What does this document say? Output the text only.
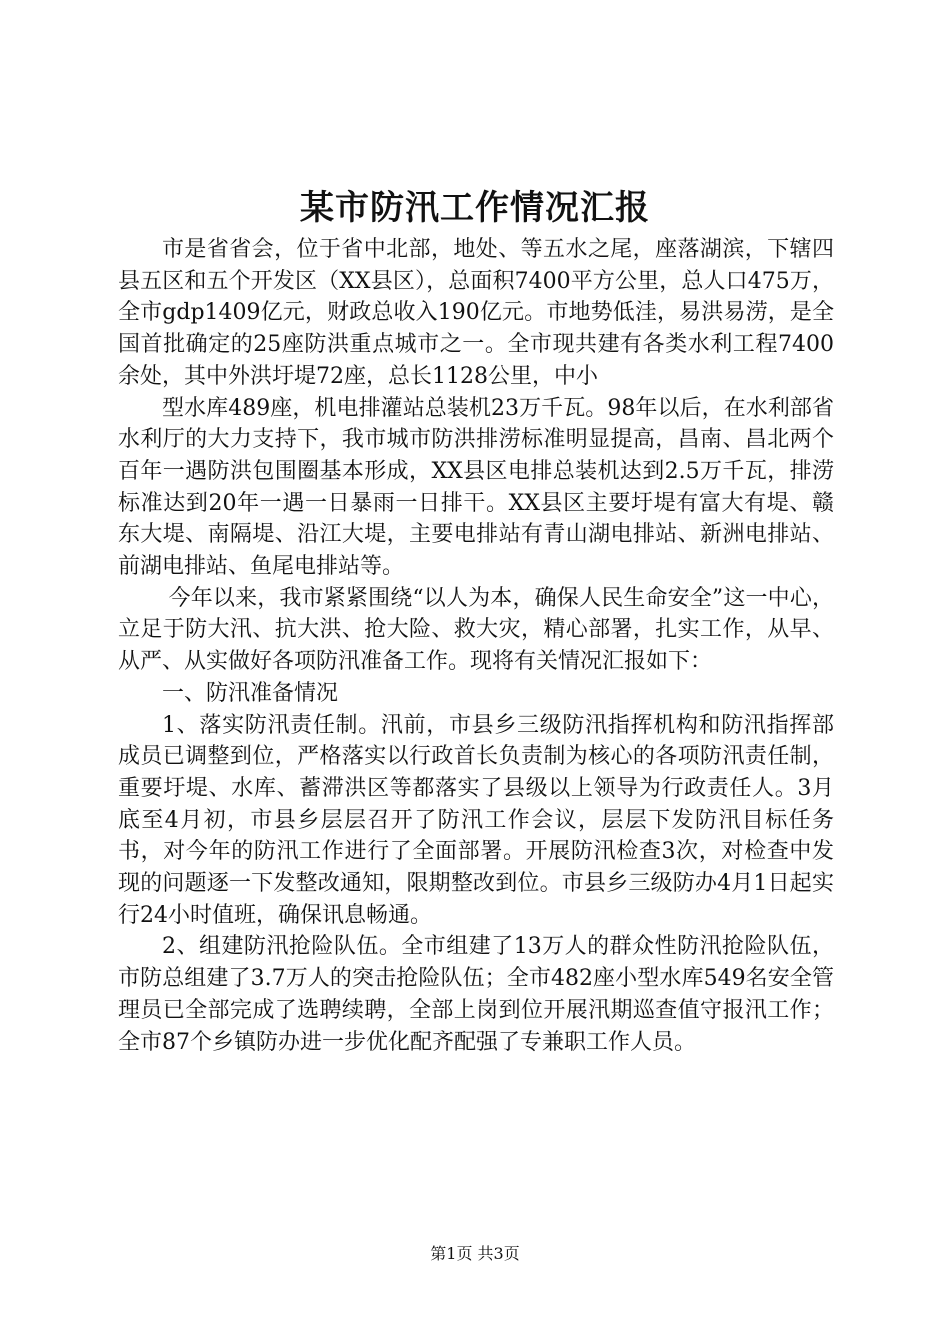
某市防汛工作情况汇报

市是省省会，位于省中北部，地处、等五水之尾，座落湖滨，下辖四县五区和五个开发区（XX县区），总面积7400平方公里，总人口475万，全市gdp1409亿元，财政总收入190亿元。市地势低洼，易洪易涝，是全国首批确定的25座防洪重点城市之一。全市现共建有各类水利工程7400余处，其中外洪圩堤72座，总长1128公里，中小

型水库489座，机电排灌站总装机23万千瓦。98年以后，在水利部省水利厅的大力支持下，我市城市防洪排涝标准明显提高，昌南、昌北两个百年一遇防洪包围圈基本形成，XX县区电排总装机达到2.5万千瓦，排涝标准达到20年一遇一日暴雨一日排干。XX县区主要圩堤有富大有堤、赣东大堤、南隔堤、沿江大堤，主要电排站有青山湖电排站、新洲电排站、前湖电排站、鱼尾电排站等。

今年以来，我市紧紧围绕“以人为本，确保人民生命安全”这一中心，立足于防大汛、抗大洪、抢大险、救大灾，精心部署，扎实工作，从早、从严、从实做好各项防汛准备工作。现将有关情况汇报如下：

一、防汛准备情况

1、落实防汛责任制。汛前，市县乡三级防汛指挥机构和防汛指挥部成员已调整到位，严格落实以行政首长负责制为核心的各项防汛责任制，重要圩堤、水库、蓄滞洪区等都落实了县级以上领导为行政责任人。3月底至4月初，市县乡层层召开了防汛工作会议，层层下发防汛目标任务书，对今年的防汛工作进行了全面部署。开展防汛检查3次，对检查中发现的问题逐一下发整改通知，限期整改到位。市县乡三级防办4月1日起实行24小时值班，确保讯息畅通。

2、组建防汛抢险队伍。全市组建了13万人的群众性防汛抢险队伍，市防总组建了3.7万人的突击抢险队伍；全市482座小型水库549名安全管理员已全部完成了选聘续聘，全部上岗到位开展汛期巡查值守报汛工作；全市87个乡镇防办进一步优化配齐配强了专兼职工作人员。

第1页 共3页
